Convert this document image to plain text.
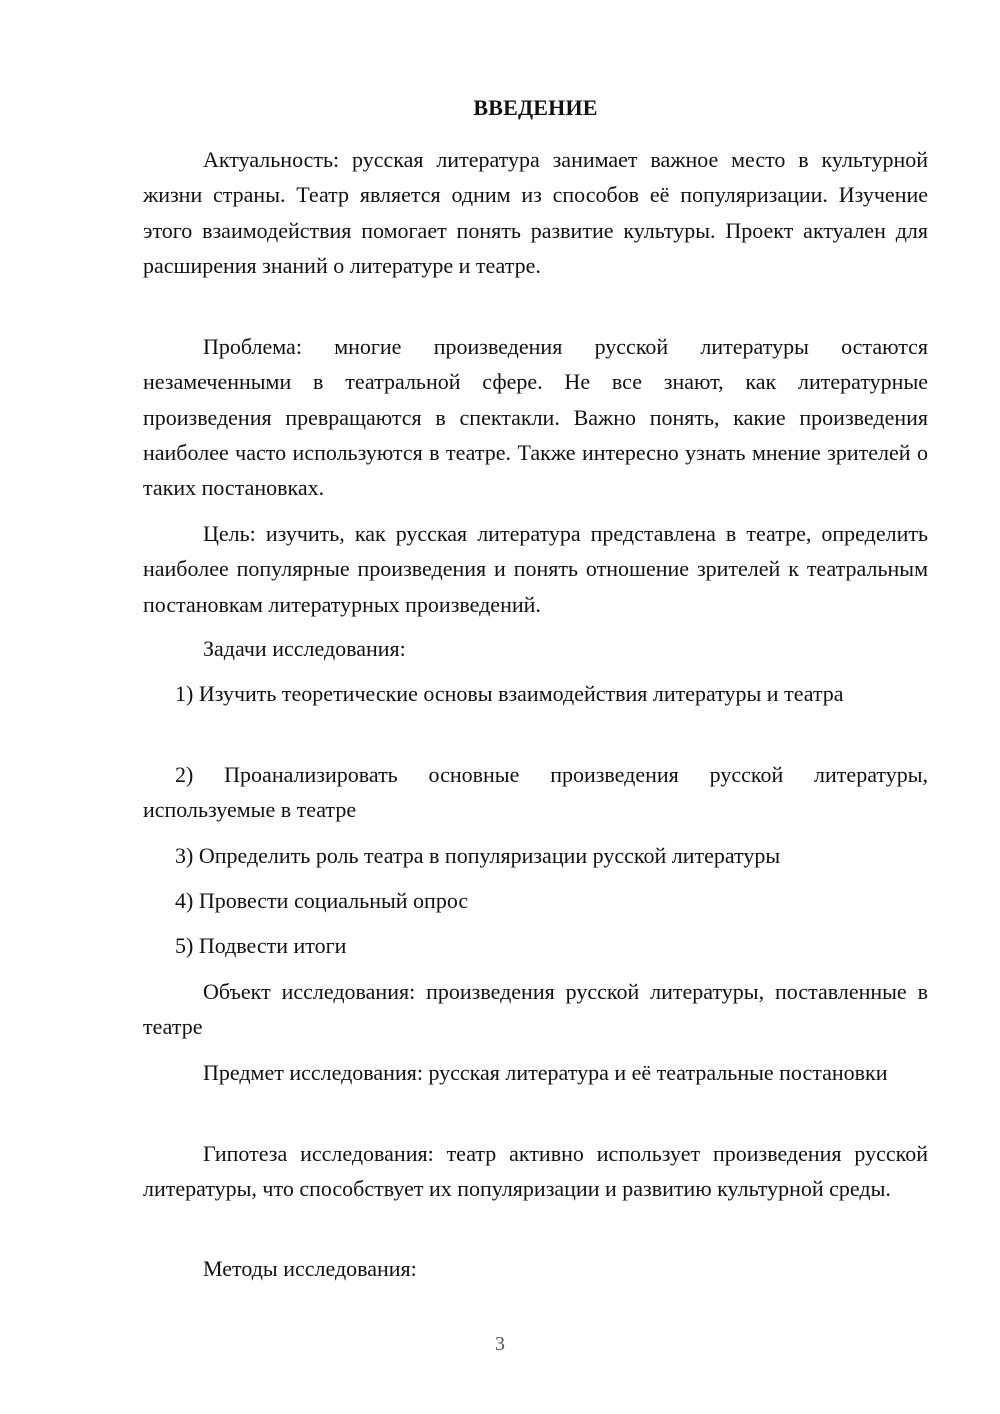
ВВЕДЕНИЕ

Актуальность: русская литература занимает важное место в культурной жизни страны. Театр является одним из способов её популяризации. Изучение этого взаимодействия помогает понять развитие культуры. Проект актуален для расширения знаний о литературе и театре.

Проблема: многие произведения русской литературы остаются незамеченными в театральной сфере. Не все знают, как литературные произведения превращаются в спектакли. Важно понять, какие произведения наиболее часто используются в театре. Также интересно узнать мнение зрителей о таких постановках.

Цель: изучить, как русская литература представлена в театре, определить наиболее популярные произведения и понять отношение зрителей к театральным постановкам литературных произведений.

Задачи исследования:

1) Изучить теоретические основы взаимодействия литературы и театра

2) Проанализировать основные произведения русской литературы, используемые в театре

3) Определить роль театра в популяризации русской литературы

4) Провести социальный опрос

5) Подвести итоги

Объект исследования: произведения русской литературы, поставленные в театре

Предмет исследования: русская литература и её театральные постановки

Гипотеза исследования: театр активно использует произведения русской литературы, что способствует их популяризации и развитию культурной среды.

Методы исследования:

3
